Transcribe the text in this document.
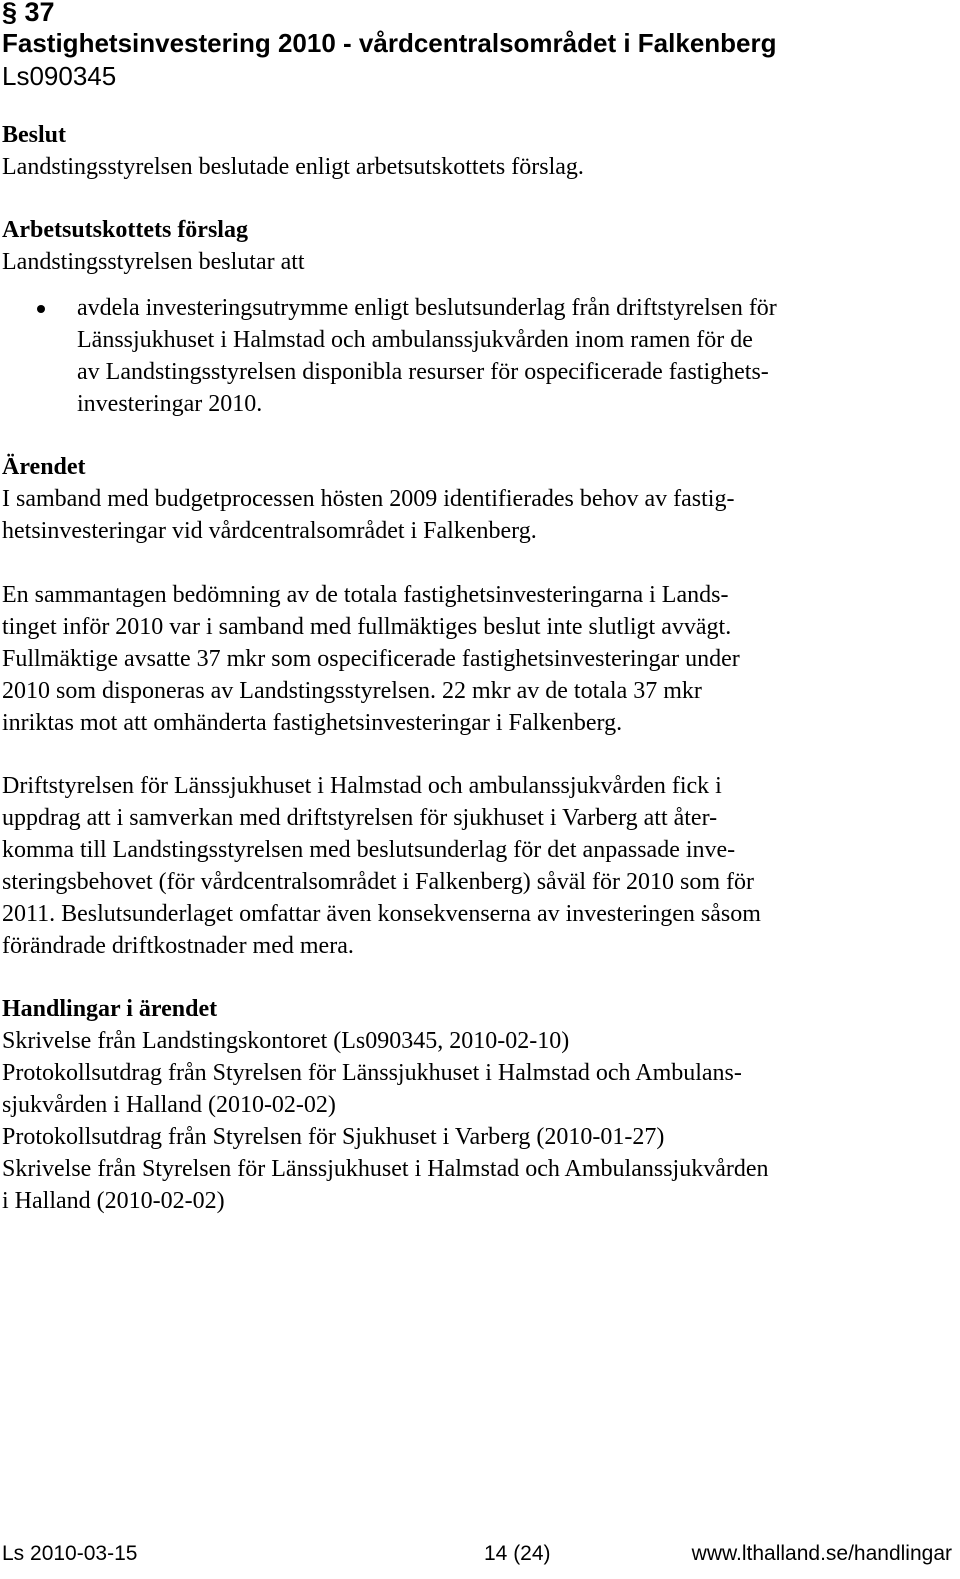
§ 37
Fastighetsinvestering 2010 - vårdcentralsområdet i Falkenberg
Ls090345
Beslut
Landstingsstyrelsen beslutade enligt arbetsutskottets förslag.
Arbetsutskottets förslag
Landstingsstyrelsen beslutar att
avdela investeringsutrymme enligt beslutsunderlag från driftstyrelsen för
Länssjukhuset i Halmstad och ambulanssjukvården inom ramen för de
av Landstingsstyrelsen disponibla resurser för ospecificerade fastighets-
investeringar 2010.
Ärendet
I samband med budgetprocessen hösten 2009 identifierades behov av fastig-
hetsinvesteringar vid vårdcentralsområdet i Falkenberg.
En sammantagen bedömning av de totala fastighetsinvesteringarna i Lands-
tinget inför 2010 var i samband med fullmäktiges beslut inte slutligt avvägt.
Fullmäktige avsatte 37 mkr som ospecificerade fastighetsinvesteringar under
2010 som disponeras av Landstingsstyrelsen. 22 mkr av de totala 37 mkr
inriktas mot att omhänderta fastighetsinvesteringar i Falkenberg.
Driftstyrelsen för Länssjukhuset i Halmstad och ambulanssjukvården fick i
uppdrag att i samverkan med driftstyrelsen för sjukhuset i Varberg att åter-
komma till Landstingsstyrelsen med beslutsunderlag för det anpassade inve-
steringsbehovet (för vårdcentralsområdet i Falkenberg) såväl för 2010 som för
2011. Beslutsunderlaget omfattar även konsekvenserna av investeringen såsom
förändrade driftkostnader med mera.
Handlingar i ärendet
Skrivelse från Landstingskontoret (Ls090345, 2010-02-10)
Protokollsutdrag från Styrelsen för Länssjukhuset i Halmstad och Ambulans-
sjukvården i Halland (2010-02-02)
Protokollsutdrag från Styrelsen för Sjukhuset i Varberg (2010-01-27)
Skrivelse från Styrelsen för Länssjukhuset i Halmstad och Ambulanssjukvården
i Halland (2010-02-02)
Ls 2010-03-15	14 (24)	www.lthalland.se/handlingar
